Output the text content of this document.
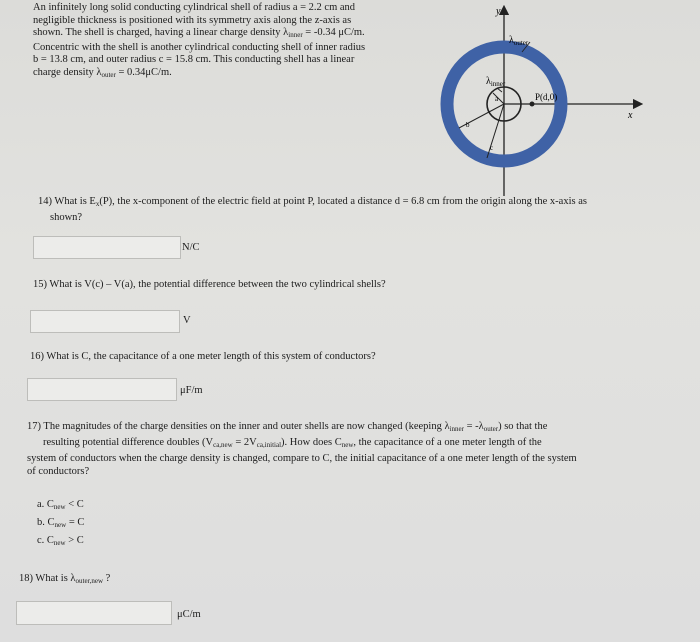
An infinitely long solid conducting cylindrical shell of radius a = 2.2 cm and

negligible thickness is positioned with its symmetry axis along the z-axis as

shown. The shell is charged, having a linear charge density $\lambda_{inner} = -0.34$ μC/m.

Concentric with the shell is another cylindrical conducting shell of inner radius

b = 13.8 cm, and outer radius c = 15.8 cm. This conducting shell has a linear

charge density $\lambda_{outer} = 0.34\mu C/m$.

y
x
$\lambda_{outer}$
$\lambda_{inner}$
P(d,0)
a
b
c
14) What is $E_x(P)$, the x-component of the electric field at point P, located a distance d = 6.8 cm from the origin along the x-axis as
shown?
N/C
15) What is V(c) – V(a), the potential difference between the two cylindrical shells?
V
16) What is C, the capacitance of a one meter length of this system of conductors?
μF/m
17) The magnitudes of the charge densities on the inner and outer shells are now changed (keeping $\lambda_{inner} = -\lambda_{outer}$) so that the
resulting potential difference doubles $(V_{ca,new} = 2V_{ca,initial})$. How does $C_{new}$, the capacitance of a one meter length of the
system of conductors when the charge density is changed, compare to C, the initial capacitance of a one meter length of the system
of conductors?
a. $C_{new} < C$
b. $C_{new} = C$
c. $C_{new} > C$
18) What is $\lambda_{outer,new}$ ?
μC/m
